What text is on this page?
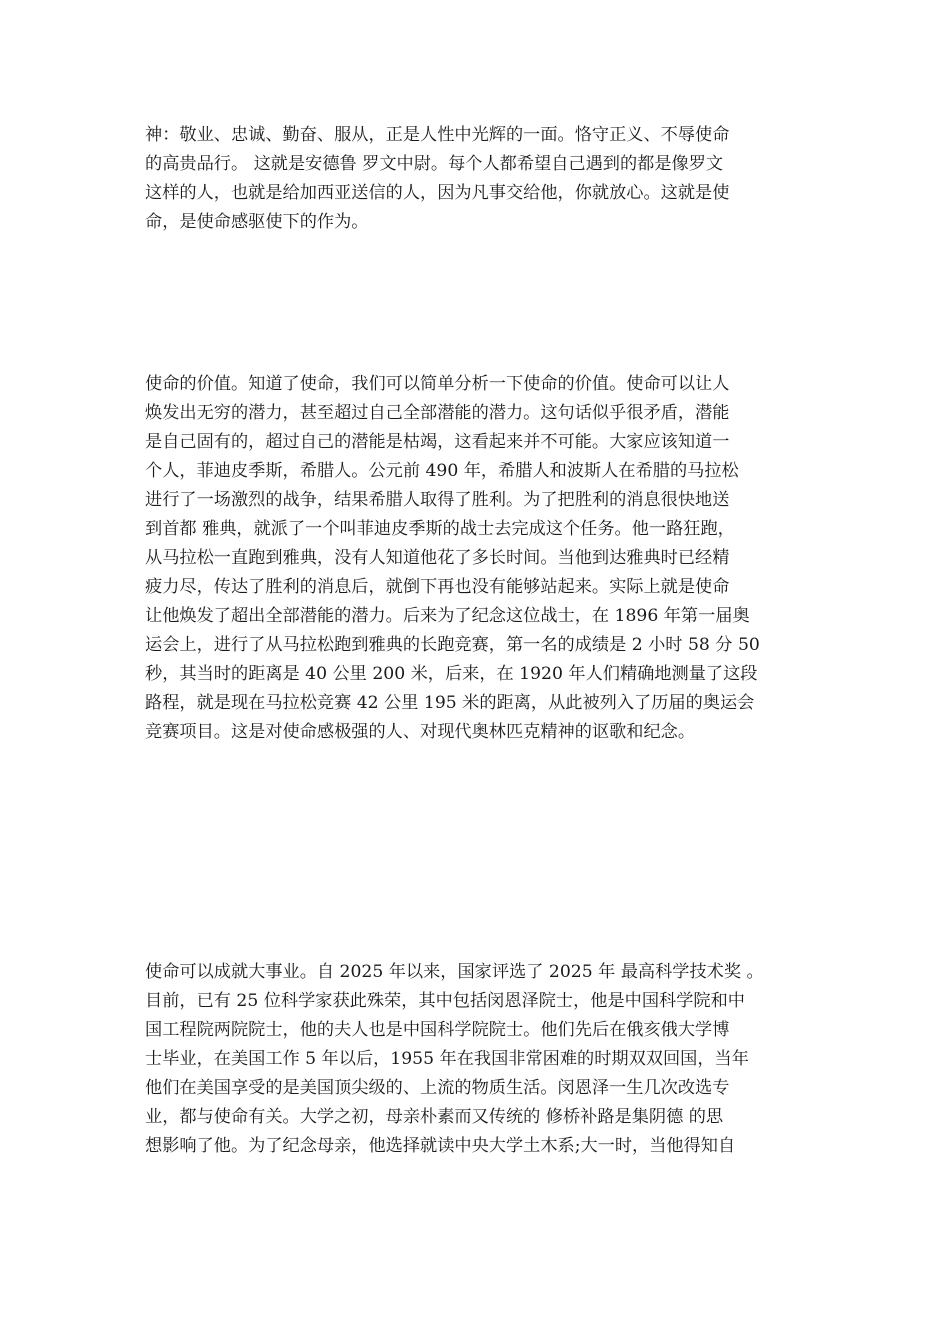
神：敬业、忠诚、勤奋、服从，正是人性中光辉的一面。恪守正义、不辱使命
的高贵品行。 这就是安德鲁 罗文中尉。每个人都希望自己遇到的都是像罗文
这样的人，也就是给加西亚送信的人，因为凡事交给他，你就放心。这就是使
命，是使命感驱使下的作为。
使命的价值。知道了使命，我们可以简单分析一下使命的价值。使命可以让人
焕发出无穷的潜力，甚至超过自己全部潜能的潜力。这句话似乎很矛盾，潜能
是自己固有的，超过自己的潜能是枯竭，这看起来并不可能。大家应该知道一
个人，菲迪皮季斯，希腊人。公元前 490 年，希腊人和波斯人在希腊的马拉松
进行了一场激烈的战争，结果希腊人取得了胜利。为了把胜利的消息很快地送
到首都 雅典，就派了一个叫菲迪皮季斯的战士去完成这个任务。他一路狂跑，
从马拉松一直跑到雅典，没有人知道他花了多长时间。当他到达雅典时已经精
疲力尽，传达了胜利的消息后，就倒下再也没有能够站起来。实际上就是使命
让他焕发了超出全部潜能的潜力。后来为了纪念这位战士，在 1896 年第一届奥
运会上，进行了从马拉松跑到雅典的长跑竞赛，第一名的成绩是 2 小时 58 分 50
秒，其当时的距离是 40 公里 200 米，后来，在 1920 年人们精确地测量了这段
路程，就是现在马拉松竞赛 42 公里 195 米的距离，从此被列入了历届的奥运会
竞赛项目。这是对使命感极强的人、对现代奥林匹克精神的讴歌和纪念。
使命可以成就大事业。自 2025 年以来，国家评选了 2025 年 最高科学技术奖 。
目前，已有 25 位科学家获此殊荣，其中包括闵恩泽院士，他是中国科学院和中
国工程院两院院士，他的夫人也是中国科学院院士。他们先后在俄亥俄大学博
士毕业，在美国工作 5 年以后，1955 年在我国非常困难的时期双双回国，当年
他们在美国享受的是美国顶尖级的、上流的物质生活。闵恩泽一生几次改选专
业，都与使命有关。大学之初，母亲朴素而又传统的 修桥补路是集阴德 的思
想影响了他。为了纪念母亲，他选择就读中央大学土木系;大一时，当他得知自
